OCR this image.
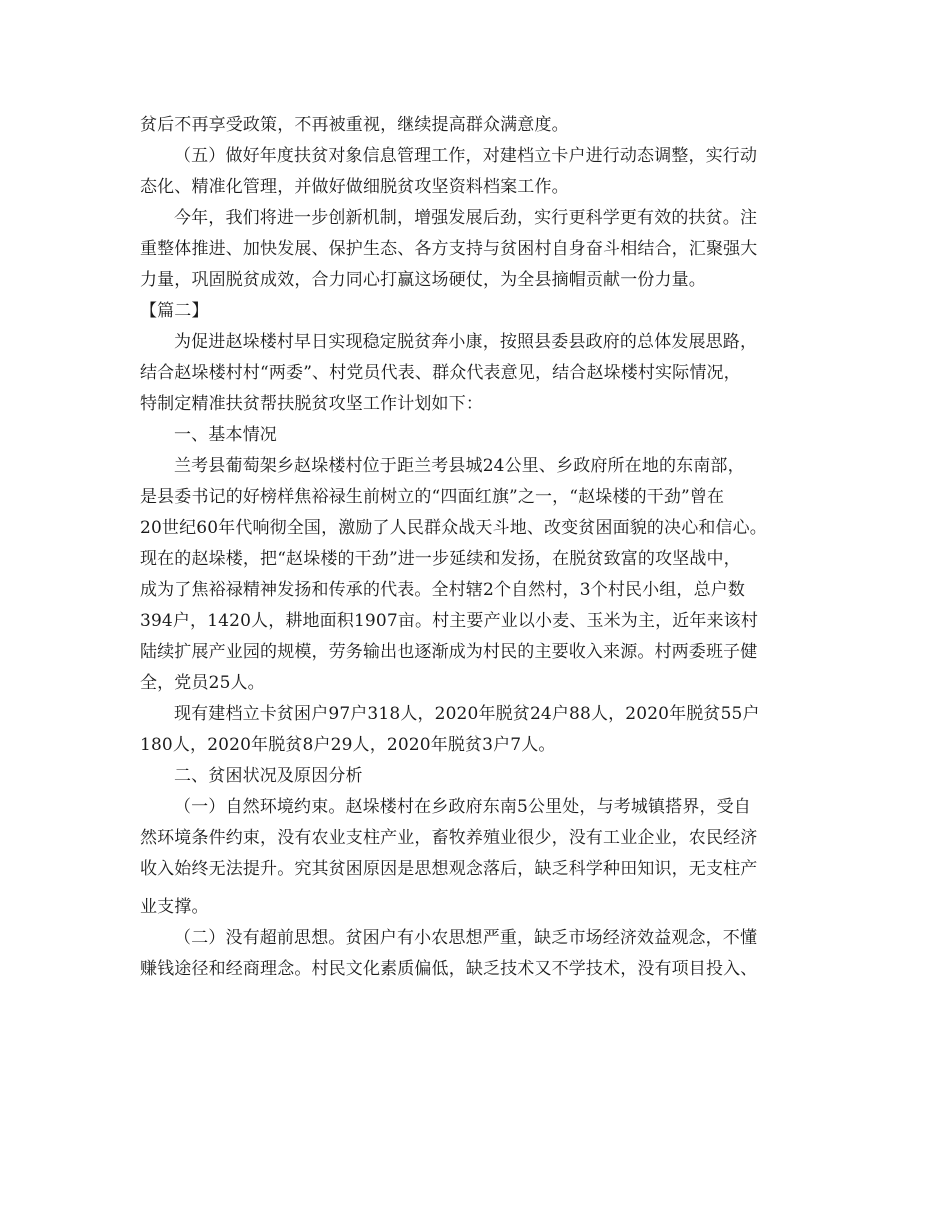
贫后不再享受政策，不再被重视，继续提高群众满意度。
（五）做好年度扶贫对象信息管理工作，对建档立卡户进行动态调整，实行动
态化、精准化管理，并做好做细脱贫攻坚资料档案工作。
今年，我们将进一步创新机制，增强发展后劲，实行更科学更有效的扶贫。注
重整体推进、加快发展、保护生态、各方支持与贫困村自身奋斗相结合，汇聚强大
力量，巩固脱贫成效，合力同心打赢这场硬仗，为全县摘帽贡献一份力量。
【篇二】
为促进赵垛楼村早日实现稳定脱贫奔小康，按照县委县政府的总体发展思路，
结合赵垛楼村村“两委”、村党员代表、群众代表意见，结合赵垛楼村实际情况，
特制定精准扶贫帮扶脱贫攻坚工作计划如下：
一、基本情况
兰考县葡萄架乡赵垛楼村位于距兰考县城24公里、乡政府所在地的东南部，
是县委书记的好榜样焦裕禄生前树立的“四面红旗”之一，“赵垛楼的干劲”曾在
20世纪60年代响彻全国，激励了人民群众战天斗地、改变贫困面貌的决心和信心。
现在的赵垛楼，把“赵垛楼的干劲”进一步延续和发扬，在脱贫致富的攻坚战中，
成为了焦裕禄精神发扬和传承的代表。全村辖2个自然村，3个村民小组，总户数
394户，1420人，耕地面积1907亩。村主要产业以小麦、玉米为主，近年来该村
陆续扩展产业园的规模，劳务输出也逐渐成为村民的主要收入来源。村两委班子健
全，党员25人。
现有建档立卡贫困户97户318人，2020年脱贫24户88人，2020年脱贫55户
180人，2020年脱贫8户29人，2020年脱贫3户7人。
二、贫困状况及原因分析
（一）自然环境约束。赵垛楼村在乡政府东南5公里处，与考城镇搭界，受自
然环境条件约束，没有农业支柱产业，畜牧养殖业很少，没有工业企业，农民经济
收入始终无法提升。究其贫困原因是思想观念落后，缺乏科学种田知识，无支柱产
业支撑。
（二）没有超前思想。贫困户有小农思想严重，缺乏市场经济效益观念，不懂
赚钱途径和经商理念。村民文化素质偏低，缺乏技术又不学技术，没有项目投入、
